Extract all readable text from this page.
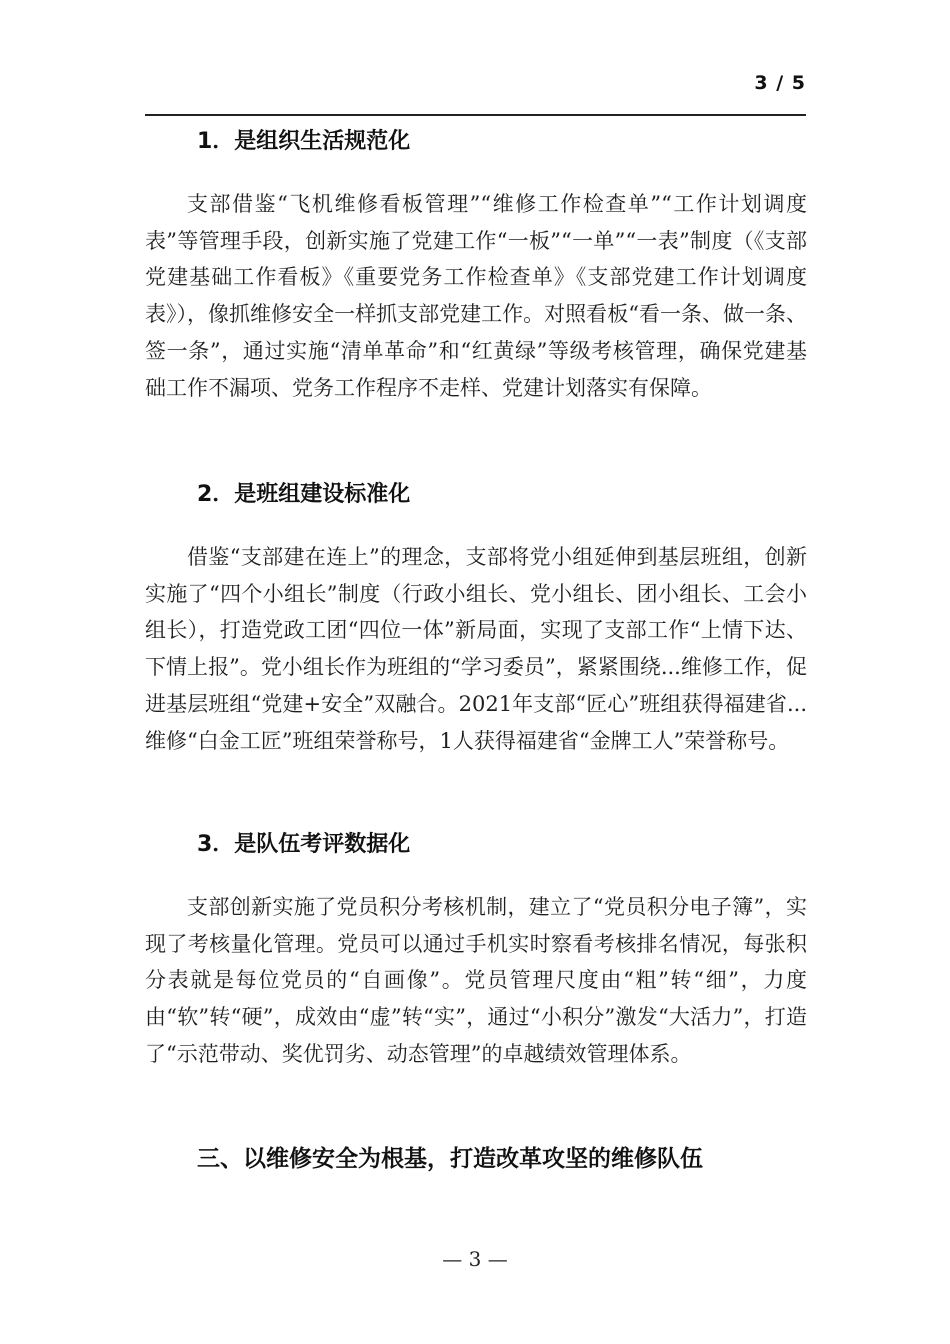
3 / 5
1．是组织生活规范化

支部借鉴“飞机维修看板管理”“维修工作检查单”“工作计划调度表”等管理手段，创新实施了党建工作“一板”“一单”“一表”制度（《支部党建基础工作看板》《重要党务工作检查单》《支部党建工作计划调度表》），像抓维修安全一样抓支部党建工作。对照看板“看一条、做一条、签一条”，通过实施“清单革命”和“红黄绿”等级考核管理，确保党建基础工作不漏项、党务工作程序不走样、党建计划落实有保障。

2．是班组建设标准化

借鉴“支部建在连上”的理念，支部将党小组延伸到基层班组，创新实施了“四个小组长”制度（行政小组长、党小组长、团小组长、工会小组长），打造党政工团“四位一体”新局面，实现了支部工作“上情下达、下情上报”。党小组长作为班组的“学习委员”，紧紧围绕...维修工作，促进基层班组“党建+安全”双融合。2021年支部“匠心”班组获得福建省...维修“白金工匠”班组荣誉称号，1人获得福建省“金牌工人”荣誉称号。

3．是队伍考评数据化

支部创新实施了党员积分考核机制，建立了“党员积分电子簿”，实现了考核量化管理。党员可以通过手机实时察看考核排名情况，每张积分表就是每位党员的“自画像”。党员管理尺度由“粗”转“细”，力度由“软”转“硬”，成效由“虚”转“实”，通过“小积分”激发“大活力”，打造了“示范带动、奖优罚劣、动态管理”的卓越绩效管理体系。

三、以维修安全为根基，打造改革攻坚的维修队伍
— 3 —
